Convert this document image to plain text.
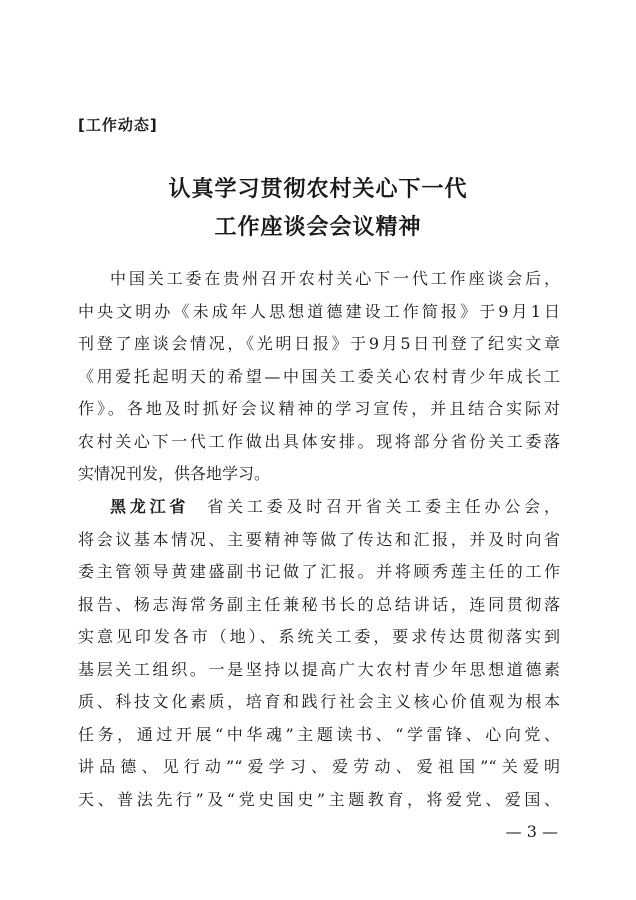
[工作动态]
认真学习贯彻农村关心下一代
工作座谈会会议精神
中国关工委在贵州召开农村关心下一代工作座谈会后，
中央文明办《未成年人思想道德建设工作简报》于9月1日
刊登了座谈会情况，《光明日报》于9月5日刊登了纪实文章
《用爱托起明天的希望—中国关工委关心农村青少年成长工
作》。各地及时抓好会议精神的学习宣传，并且结合实际对
农村关心下一代工作做出具体安排。现将部分省份关工委落
实情况刊发，供各地学习。
黑龙江省 省关工委及时召开省关工委主任办公会，
将会议基本情况、主要精神等做了传达和汇报，并及时向省
委主管领导黄建盛副书记做了汇报。并将顾秀莲主任的工作
报告、杨志海常务副主任兼秘书长的总结讲话，连同贯彻落
实意见印发各市（地）、系统关工委，要求传达贯彻落实到
基层关工组织。一是坚持以提高广大农村青少年思想道德素
质、科技文化素质，培育和践行社会主义核心价值观为根本
任务，通过开展“中华魂”主题读书、“学雷锋、心向党、
讲品德、见行动”“爱学习、爱劳动、爱祖国”“关爱明
天、普法先行”及“党史国史”主题教育，将爱党、爱国、
— 3 —
